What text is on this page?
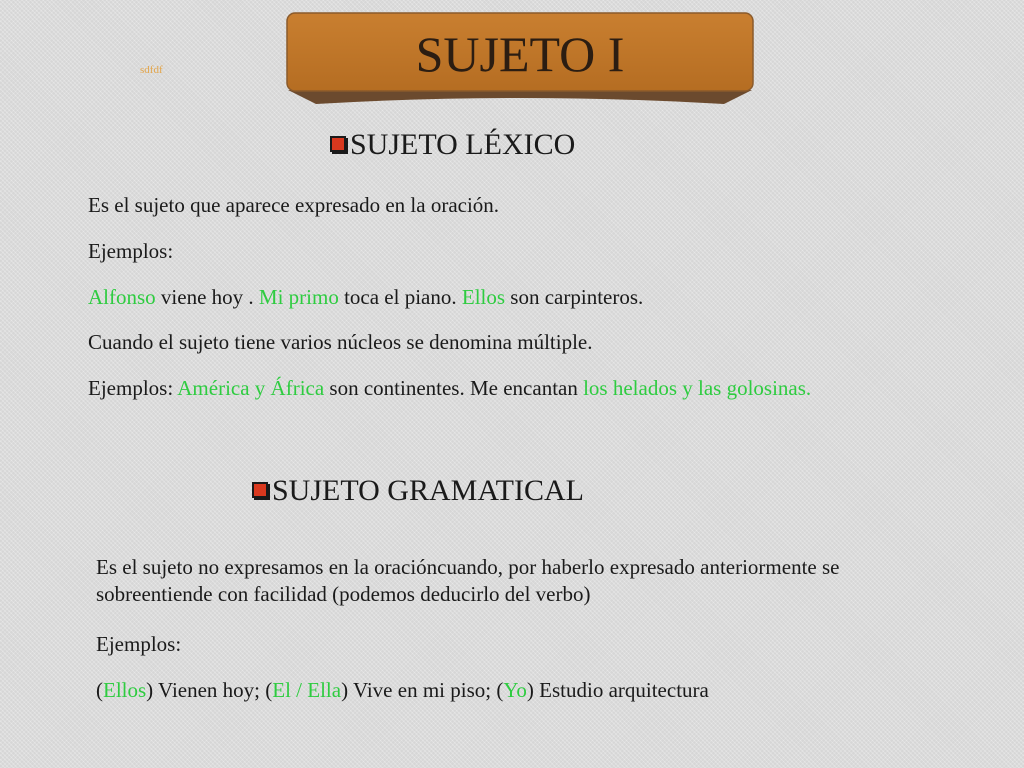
sdfdf	SUJETO I
SUJETO LÉXICO

Es el sujeto que aparece expresado en la oración.

Ejemplos:

Alfonso viene hoy . Mi primo toca el piano. Ellos son carpinteros.

Cuando el sujeto tiene varios núcleos se denomina múltiple.

Ejemplos: América y África son continentes. Me encantan los helados y las golosinas.

SUJETO GRAMATICAL

Es el sujeto no expresamos en la oracióncuando, por haberlo expresado anteriormente se sobreentiende con facilidad (podemos deducirlo del verbo)

Ejemplos:

(Ellos) Vienen hoy; (El / Ella) Vive en mi piso; (Yo) Estudio arquitectura
